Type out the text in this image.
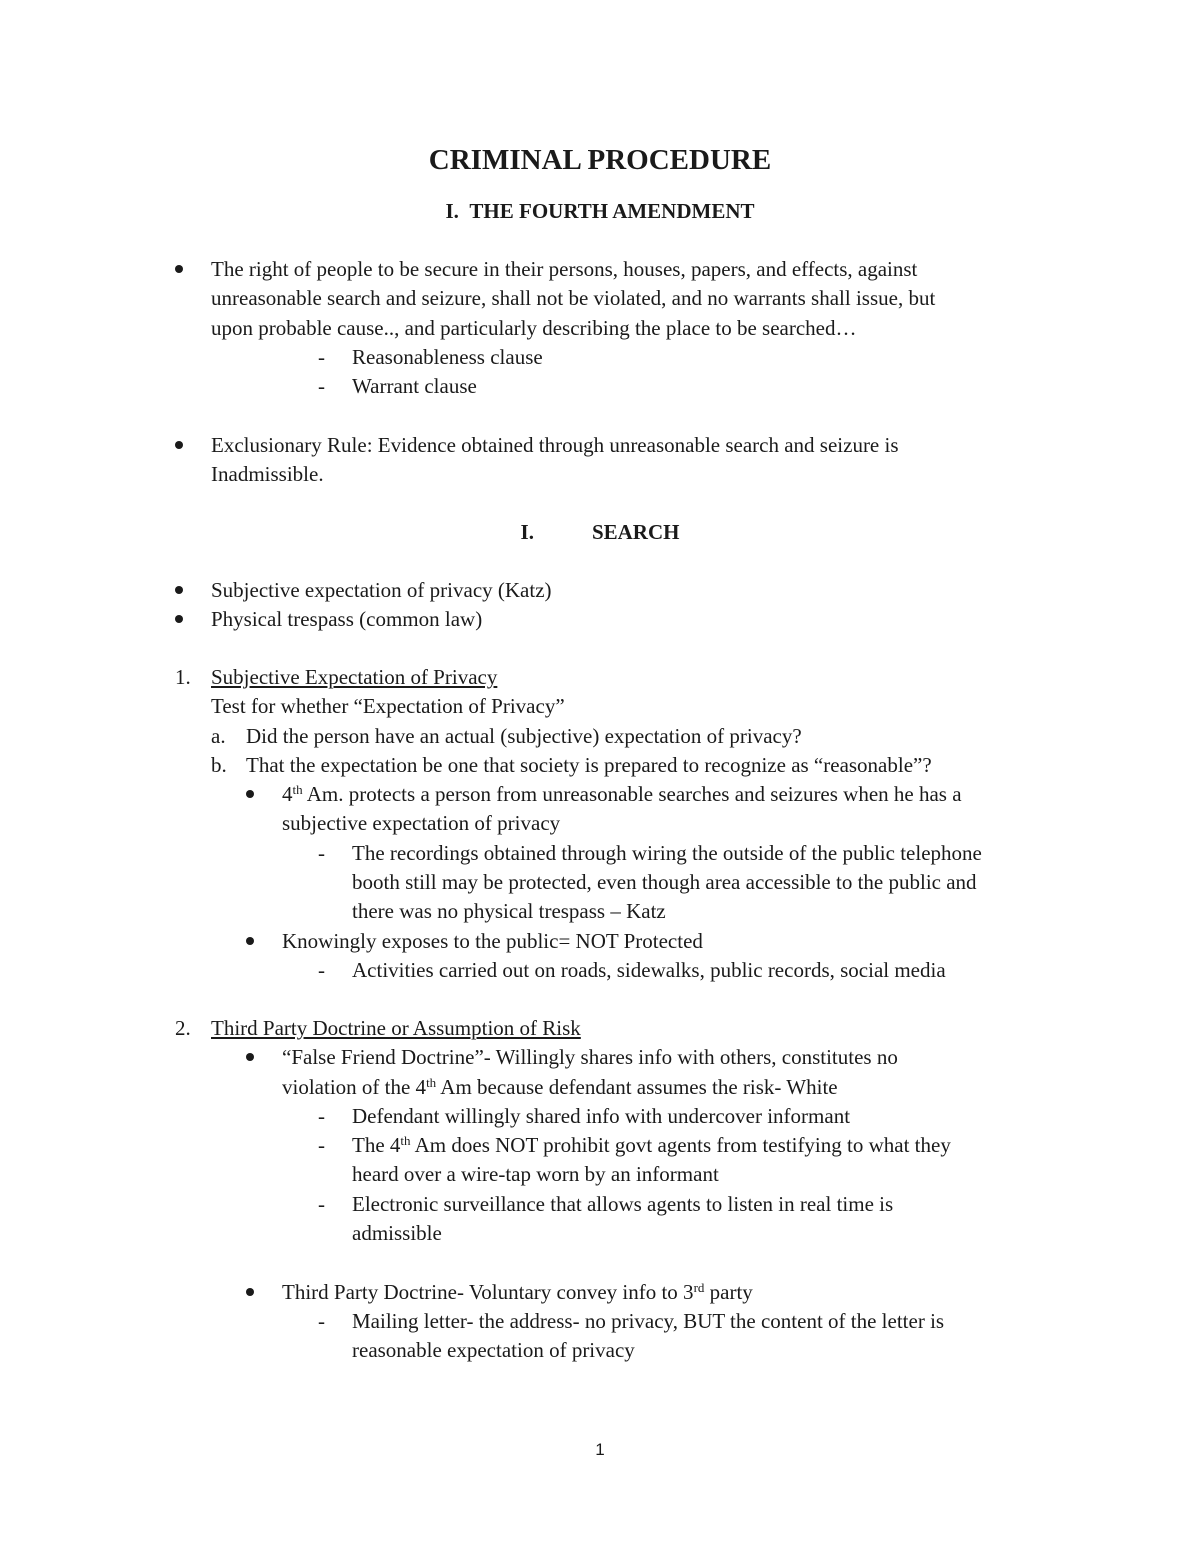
CRIMINAL PROCEDURE
I. THE FOURTH AMENDMENT
The right of people to be secure in their persons, houses, papers, and effects, against
unreasonable search and seizure, shall not be violated, and no warrants shall issue, but
upon probable cause.., and particularly describing the place to be searched…
- Reasonableness clause
- Warrant clause
Exclusionary Rule: Evidence obtained through unreasonable search and seizure is
Inadmissible.
I.	SEARCH
Subjective expectation of privacy (Katz)
Physical trespass (common law)
1. Subjective Expectation of Privacy
Test for whether “Expectation of Privacy”
a. Did the person have an actual (subjective) expectation of privacy?
b. That the expectation be one that society is prepared to recognize as “reasonable”?
4th Am. protects a person from unreasonable searches and seizures when he has a
subjective expectation of privacy
- The recordings obtained through wiring the outside of the public telephone
booth still may be protected, even though area accessible to the public and
there was no physical trespass – Katz
Knowingly exposes to the public= NOT Protected
- Activities carried out on roads, sidewalks, public records, social media
2. Third Party Doctrine or Assumption of Risk
“False Friend Doctrine”- Willingly shares info with others, constitutes no
violation of the 4th Am because defendant assumes the risk- White
- Defendant willingly shared info with undercover informant
- The 4th Am does NOT prohibit govt agents from testifying to what they
heard over a wire-tap worn by an informant
- Electronic surveillance that allows agents to listen in real time is
admissible
Third Party Doctrine- Voluntary convey info to 3rd party
- Mailing letter- the address- no privacy, BUT the content of the letter is
reasonable expectation of privacy
1
